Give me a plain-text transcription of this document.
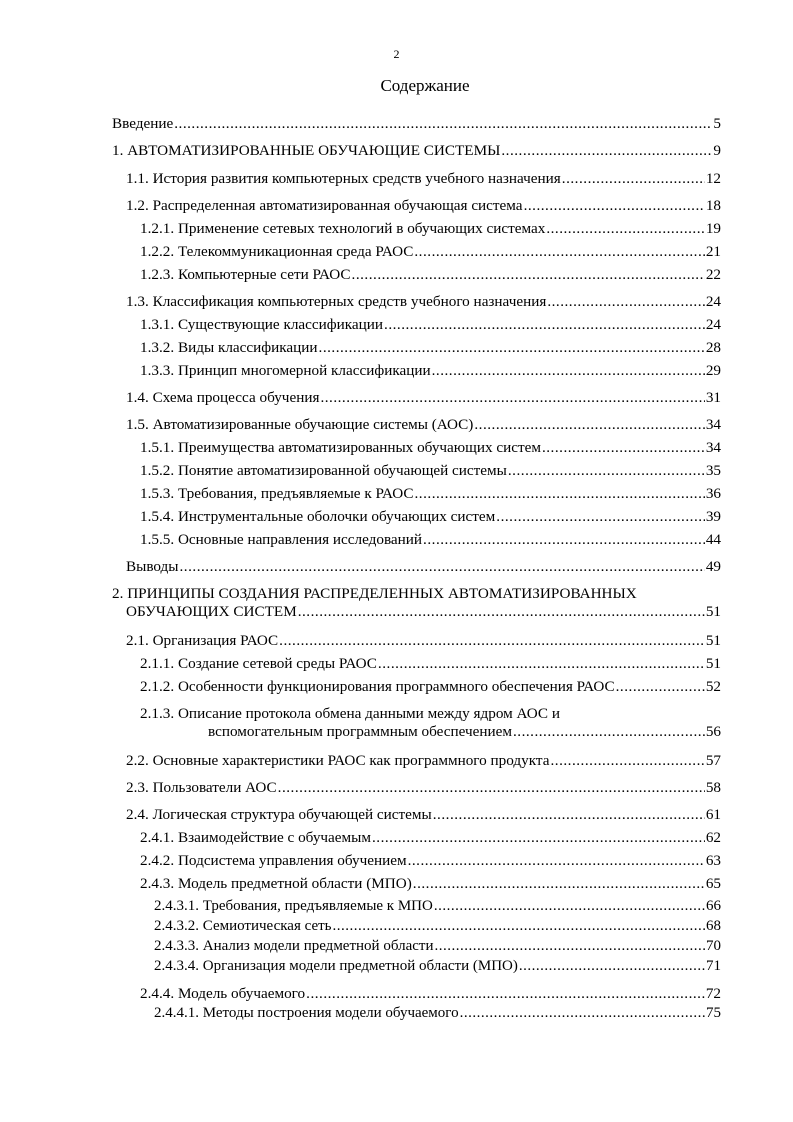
2
Содержание
Введение .....	5
1. АВТОМАТИЗИРОВАННЫЕ ОБУЧАЮЩИЕ СИСТЕМЫ .....	9
1.1. История развития компьютерных средств учебного назначения .....	12
1.2. Распределенная автоматизированная обучающая система .....	18
1.2.1. Применение сетевых технологий в обучающих системах .....	19
1.2.2. Телекоммуникационная среда РАОС .....	21
1.2.3. Компьютерные сети РАОС .....	22
1.3. Классификация компьютерных средств учебного назначения .....	24
1.3.1. Существующие классификации .....	24
1.3.2. Виды классификации .....	28
1.3.3. Принцип многомерной классификации .....	29
1.4. Схема процесса обучения .....	31
1.5. Автоматизированные обучающие системы (АОС) .....	34
1.5.1. Преимущества автоматизированных обучающих систем .....	34
1.5.2. Понятие автоматизированной обучающей системы .....	35
1.5.3. Требования, предъявляемые к РАОС .....	36
1.5.4. Инструментальные оболочки обучающих систем .....	39
1.5.5. Основные направления исследований .....	44
Выводы .....	49
2. ПРИНЦИПЫ СОЗДАНИЯ РАСПРЕДЕЛЕННЫХ АВТОМАТИЗИРОВАННЫХ
ОБУЧАЮЩИХ СИСТЕМ .....	51
2.1. Организация РАОС .....	51
2.1.1. Создание сетевой среды РАОС .....	51
2.1.2. Особенности функционирования программного обеспечения РАОС .....	52
2.1.3. Описание протокола обмена данными между ядром АОС и
вспомогательным программным обеспечением .....	56
2.2. Основные характеристики РАОС как программного продукта .....	57
2.3. Пользователи АОС .....	58
2.4. Логическая структура обучающей системы .....	61
2.4.1. Взаимодействие с обучаемым .....	62
2.4.2. Подсистема управления обучением .....	63
2.4.3. Модель предметной области (МПО) .....	65
2.4.3.1. Требования, предъявляемые к МПО .....	66
2.4.3.2. Семиотическая сеть .....	68
2.4.3.3. Анализ модели предметной области .....	70
2.4.3.4. Организация модели предметной области (МПО) .....	71
2.4.4. Модель обучаемого .....	72
2.4.4.1. Методы построения модели обучаемого .....	75
